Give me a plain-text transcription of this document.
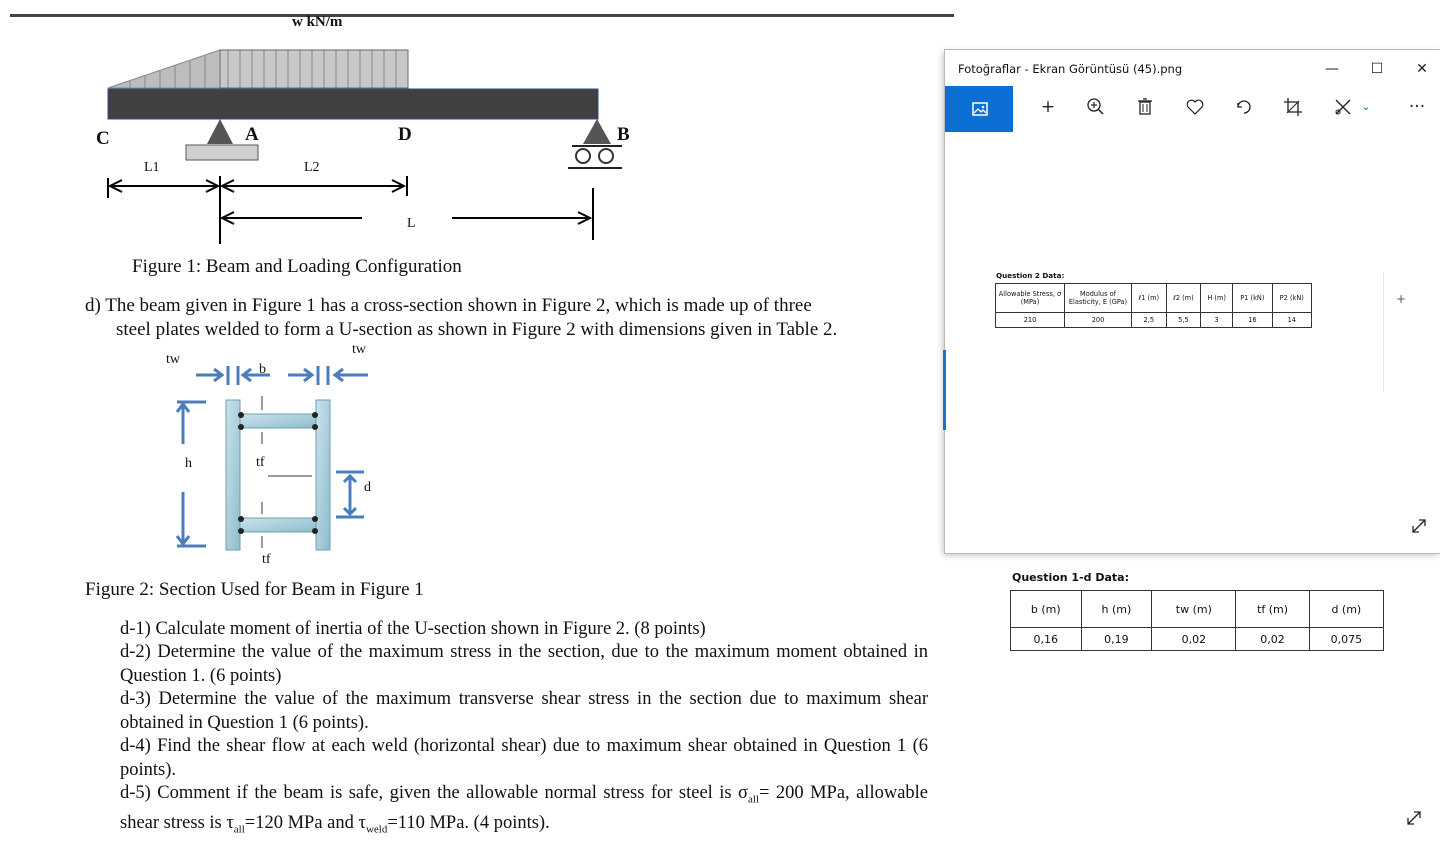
w kN/m
C	A	D	B
L1	L2
L
Figure 1: Beam and Loading Configuration
d) The beam given in Figure 1 has a cross-section shown in Figure 2, which is made up of three
steel plates welded to form a U-section as shown in Figure 2 with dimensions given in Table 2.
tw
b
tw
h	tf
d
tf
Figure 2: Section Used for Beam in Figure 1
d-1) Calculate moment of inertia of the U-section shown in Figure 2. (8 points)
d-2) Determine the value of the maximum stress in the section, due to the maximum moment obtained in Question 1. (6 points)
d-3) Determine the value of the maximum transverse shear stress in the section due to maximum shear obtained in Question 1 (6 points).
d-4) Find the shear flow at each weld (horizontal shear) due to maximum shear obtained in Question 1 (6 points).
d-5) Comment if the beam is safe, given the allowable normal stress for steel is $\sigma_{all}= 200$ MPa, allowable shear stress is $\tau_{all}=120$ MPa and $\tau_{weld}=110$ MPa. (4 points).
Question 1-d Data:
b (m)	h (m)	tw (m)	tf (m)	d (m)
0,16	0,19	0,02	0,02	0,075
Fotoğraflar - Ekran Görüntüsü (45).png	—	☐	✕
+	⌄	···
Question 2 Data:
Allowable Stress, σ (MPa)	Modulus of Elasticity, E (GPa)	ℓ1 (m)	ℓ2 (m)	H (m)	P1 (kN)	P2 (kN)
210	200	2,5	5,5	3	16	14
+
